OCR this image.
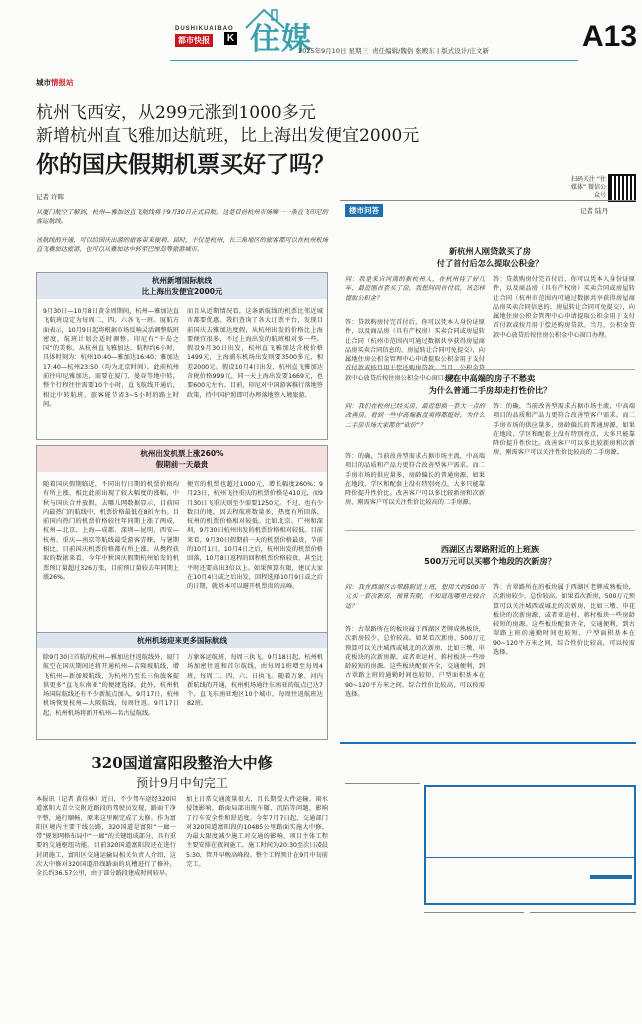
DUSHIKUAIBAO
都市快报	K 住媒
2025年9月10日 星期三 责任编辑/魏俗 张殿东 | 版式设计/庄文新	A13
城市情报站
杭州飞西安，从299元涨到1000多元
新增杭州直飞雅加达航班，比上海出发便宜2000元
你的国庆假期机票买好了吗？
记者 许晖
扫码关注 “住媒体” 微信公众号
从厦门航空了解到，杭州—雅加达直飞航线将于9月30日正式启航。这是目前杭州市场唯一一条直飞印尼的客运航线。
该航线的开通，可以给国庆出游的旅客带来便利。届时，不仅是杭州，长三角地区的旅客都可以在杭州机场直飞雅加达旅游，也可以从雅加达中转至巴厘岛等旅游城市。
杭州新增国际航线
比上海出发便宜2000元
9月30日—10月8日黄金周期间，杭州—雅加达直飞航班设定为每周二、四、六各飞一班。厦航方面表示，10月9日起将根据市场反响灵活调整航班密度，航班计划会适时调整。印尼有“千岛之国”的美称，从杭州直飞雅加达，航程约6小时，具体时刻为：杭州10:40—雅加达16:40；雅加达17:40—杭州23:50（均为北京时间）。此前杭州前往印尼雅加达，需要在厦门、曼谷等地中转，整个行程往往需要10个小时，直飞航线开通后，相比中转航班，旅客能节省3~5小时的路上时间。
而且从近期情况看，这条新航线的机票比邻近城市都要优惠。我们查询了各大订票平台，发现目前国庆去雅加达度假，从杭州出发的价格比上海要便宜很多，不过上海出发的航班相对多一些。假设9月30日出发，杭州直飞雅加达含税价格1499元，上海浦东机场出发则要3500多元，相差2000元。假设10月4日出发，杭州直飞雅加达含税价格999元，同一天上海出发要1669元，也要600元左右。目前，印尼对中国游客推行落地签政策，持中国护照即可办理落地签入境旅游。
杭州出发机票上涨260%
假期前一天最贵
随着国庆假期临近，不同出行日期的机票价格均有所上涨，相比此前出现了较大幅度的涨幅，中秋与国庆合并放假，去哪儿网数据显示，目前国内最热门的航线中，机票价格最低在8折左右。目前国内热门的机票价格较往年同期上涨了两成，杭州—北京、上海—成都、深圳—昆明、西安—杭州、重庆—南京等航线最受游客青睐，与暑期相比，目前国庆机票价格都有所上涨。从携程获取的数据来看，今年中秋国庆假期杭州始发的机票预订量超过326万张，目前预订量较去年同期上涨26%。
便宜的机票也超过1000元，增长幅度260%；9月23日，杭州飞往重庆的机票价格是410元，而9月30日飞重庆则至少需要1250元。不过，也有少数目的地，因去程航班数量多，热度有所回落，杭州的机票价格相对较低。比如北京、广州和深圳，9月30日杭州出发的机票价格相对较低。目前来看，9月30日假期前一天的机票价格最贵，节前的10月1日、10月4日之后，杭州出发的机票价格回落，10月8日返程的回程机票价格较贵，甚至比平时还要高出3倍以上。如果预算有限，建议大家在10月4日或之后出发，回程选择10月9日或之后的日期，就基本可以避开机票贵的高峰。
杭州机场迎来更多国际航线
除9月30日首航的杭州—雅加达往返航线外，厦门航空在国庆期间还将开通杭州—吉隆坡航线，增飞杭州—新加坡航线，为杭州乃至长三角旅客提供更多“直飞东南亚”的便捷选择。此外，杭州机场国际航线还有不少新航点加入，9月17日，杭州机场恢复杭州—大阪航线，每周往返。9月17日起，杭州机场将新开杭州—名古屋航线。
万象客运航班，每周三执飞。9月18日起，杭州机场加密往返和首尔航线，由每周1班增至每周4班，每周二、四、六、日执飞。随着万象、河内新航线的开通，杭州机场通往东南亚的航点已达7个，直飞东南亚地区10个城市，每周往返航班达82班。
320国道富阳段整治大中修
预计9月中旬完工
本报讯（记者 黄佳林）近日，不少驾车途经320国道富阳大青立交附近路段的驾驶员发现，路面干净平整，通行顺畅，原来这里刚完成了大修。作为富阳区境内主要干线公路，320国道是富阳“一廊一带”规划网格布局中“一廊”的关键组成部分，具有重要的交通枢纽功能。目前320国道富阳段还在进行封闭施工，富阳区交通运输局相关负责人介绍，这次大中修对320国道沿线路面的坑槽进行了修补，全长约36.57公里，由于部分路段建成时间较早。
加上日常交通流量很大，且长期受大件运输、雨水侵蚀影响，路面局部出现车辙、沉陷等问题，影响了行车安全性和舒适度。今年7月7日起，交通部门对320国道富阳段的10485公里路面实施大中修。为最大限度减少施工对交通的影响，项目主体工程主要安排在夜间施工，施工时间为20:30至次日凌晨5:30，管开早晚高峰段。整个工程预计在9月中旬前完工。
楼市问答	记者 陆丹
新杭州人刚贷款买了房
付了首付后怎么提取公积金？
问：我是来自河南的新杭州人，在杭州待了好几年，最近刚首套买了房，我想问问首付后，该怎样提取公积金？
答：贷款购房付完首付后，你可以凭本人身份证原件，以及商品房（具有产权房）买卖合同或房屋转让合同（杭州市范围内可通过数据共享获得房屋商品房买卖合同信息的，房屋转让合同可免提交），向属地住房公积金管理中心申请提取公积金用于支付 款中心放贷后按住房公积金中心窗口办理。
答：贷款购房付完首付后，你可以凭本人身份证原件，以及商品房（具有产权房）买卖合同或房屋转让合同（杭州市范围内可通过数据共享获得房屋商品房买卖合同信息的，房屋转让合同可免提交），向属地住房公积金管理中心申请提取公积金用于支付首付款或按月用于偿还购房贷款。当月，公积金贷款中心放贷后按住房公积金中心窗口办理。
现在中高端的房子不愁卖
为什么普通二手房却走打性价比？
问：我们在杭州已经买房，最近想换一套大一点的改善房。看到一些中高端新盘卖得都挺好，为什么二手房市场大家都在“砍价”？
答：的确，当前改善型需求占据市场主流，中高端项目的品质和产品力更符合改善型客户需求。而二手房市场的供应量多，房龄偏长的普通房源，如果在地段、学区和配套上没有特别亮点，大多只能靠降价提升性价比。改善客户可以多比较新房和次新房，刚需客户可以关注性价比较高的二手房源。
答：的确，当前改善型需求占据市场主流，中高端项目的品质和产品力更符合改善型客户需求。而二手房市场的供应量多，房龄偏长的普通房源，如果在地段、学区和配套上没有特别亮点，大多只能靠降价提升性价比。改善客户可以多比较新房和次新房，刚需客户可以关注性价比较高的二手房源。
西湖区古翠路附近的上班族
500万元可以买哪个地段的次新房？
问：我在西湖区古翠路附近上班，想用大约500万元买一套次新房，预算有限，不知道选哪里比较合适？
答：古翠路所在的板块属于西湖区老牌成熟板块，次新房较少，总价较高。如果看次新房，500万元预算可以关注城西或城北的次新房，比如三墩、申花板块的次新房源，或者亚运村、蒋村板块一些房龄较短的房源。这些板块配套齐全，交通便利，到古翠路上班的通勤时间也较短，户型面积基本在90~120平方米之间，综合性价比较高，可以按需选择。
答：古翠路所在的板块属于西湖区老牌成熟板块，次新房较少，总价较高。如果看次新房，500万元预算可以关注城西或城北的次新房，比如三墩、申花板块的次新房源，或者亚运村、蒋村板块一些房龄较短的房源。这些板块配套齐全，交通便利，到古翠路上班的通勤时间也较短，户型面积基本在90~120平方米之间，综合性价比较高，可以按需选择。
